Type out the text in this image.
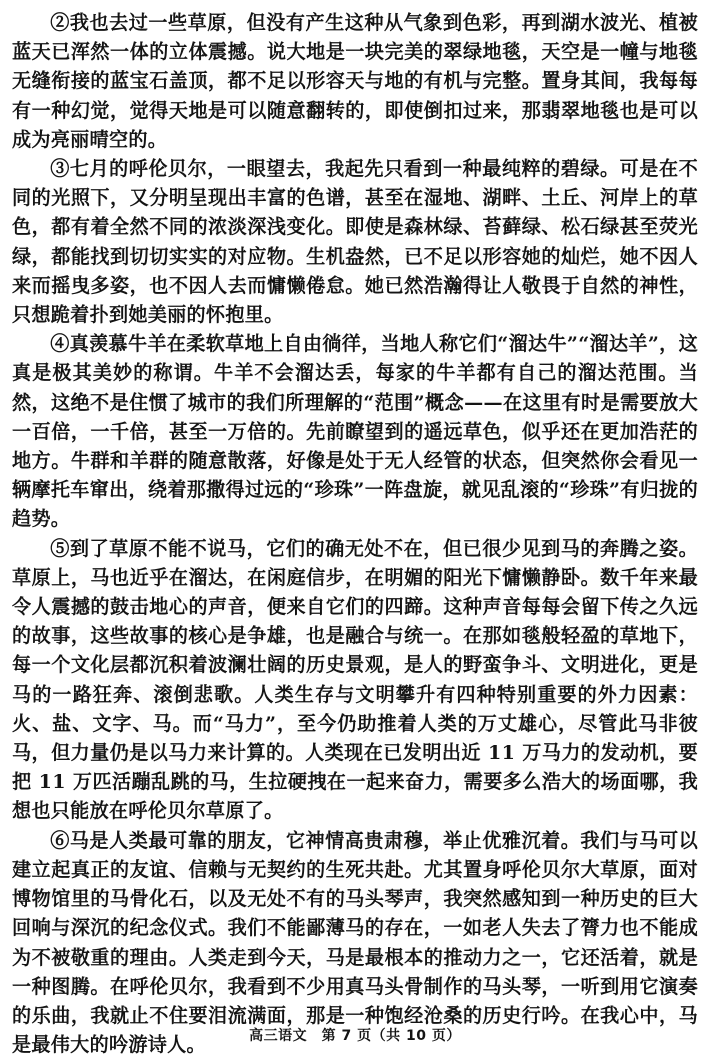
②我也去过一些草原，但没有产生这种从气象到色彩，再到湖水波光、植被蓝天已浑然一体的立体震撼。说大地是一块完美的翠绿地毯，天空是一幢与地毯无缝衔接的蓝宝石盖顶，都不足以形容天与地的有机与完整。置身其间，我每每有一种幻觉，觉得天地是可以随意翻转的，即使倒扣过来，那翡翠地毯也是可以成为亮丽晴空的。

③七月的呼伦贝尔，一眼望去，我起先只看到一种最纯粹的碧绿。可是在不同的光照下，又分明呈现出丰富的色谱，甚至在湿地、湖畔、土丘、河岸上的草色，都有着全然不同的浓淡深浅变化。即使是森林绿、苔藓绿、松石绿甚至荧光绿，都能找到切切实实的对应物。生机盎然，已不足以形容她的灿烂，她不因人来而摇曳多姿，也不因人去而慵懒倦怠。她已然浩瀚得让人敬畏于自然的神性，只想跪着扑到她美丽的怀抱里。

④真羡慕牛羊在柔软草地上自由徜徉，当地人称它们“溜达牛”“溜达羊”，这真是极其美妙的称谓。牛羊不会溜达丢，每家的牛羊都有自己的溜达范围。当然，这绝不是住惯了城市的我们所理解的“范围”概念——在这里有时是需要放大一百倍，一千倍，甚至一万倍的。先前瞭望到的遥远草色，似乎还在更加浩茫的地方。牛群和羊群的随意散落，好像是处于无人经管的状态，但突然你会看见一辆摩托车窜出，绕着那撒得过远的“珍珠”一阵盘旋，就见乱滚的“珍珠”有归拢的趋势。

⑤到了草原不能不说马，它们的确无处不在，但已很少见到马的奔腾之姿。草原上，马也近乎在溜达，在闲庭信步，在明媚的阳光下慵懒静卧。数千年来最令人震撼的鼓击地心的声音，便来自它们的四蹄。这种声音每每会留下传之久远的故事，这些故事的核心是争雄，也是融合与统一。在那如毯般轻盈的草地下，每一个文化层都沉积着波澜壮阔的历史景观，是人的野蛮争斗、文明进化，更是马的一路狂奔、滚倒悲歌。人类生存与文明攀升有四种特别重要的外力因素：火、盐、文字、马。而“马力”，至今仍助推着人类的万丈雄心，尽管此马非彼马，但力量仍是以马力来计算的。人类现在已发明出近 11 万马力的发动机，要把 11 万匹活蹦乱跳的马，生拉硬拽在一起来奋力，需要多么浩大的场面哪，我想也只能放在呼伦贝尔草原了。

⑥马是人类最可靠的朋友，它神情高贵肃穆，举止优雅沉着。我们与马可以建立起真正的友谊、信赖与无契约的生死共赴。尤其置身呼伦贝尔大草原，面对博物馆里的马骨化石，以及无处不有的马头琴声，我突然感知到一种历史的巨大回响与深沉的纪念仪式。我们不能鄙薄马的存在，一如老人失去了膂力也不能成为不被敬重的理由。人类走到今天，马是最根本的推动力之一，它还活着，就是一种图腾。在呼伦贝尔，我看到不少用真马头骨制作的马头琴，一听到用它演奏的乐曲，我就止不住要泪流满面，那是一种饱经沧桑的历史行吟。在我心中，马是最伟大的吟游诗人。	高三语文　第 7 页（共 10 页）
